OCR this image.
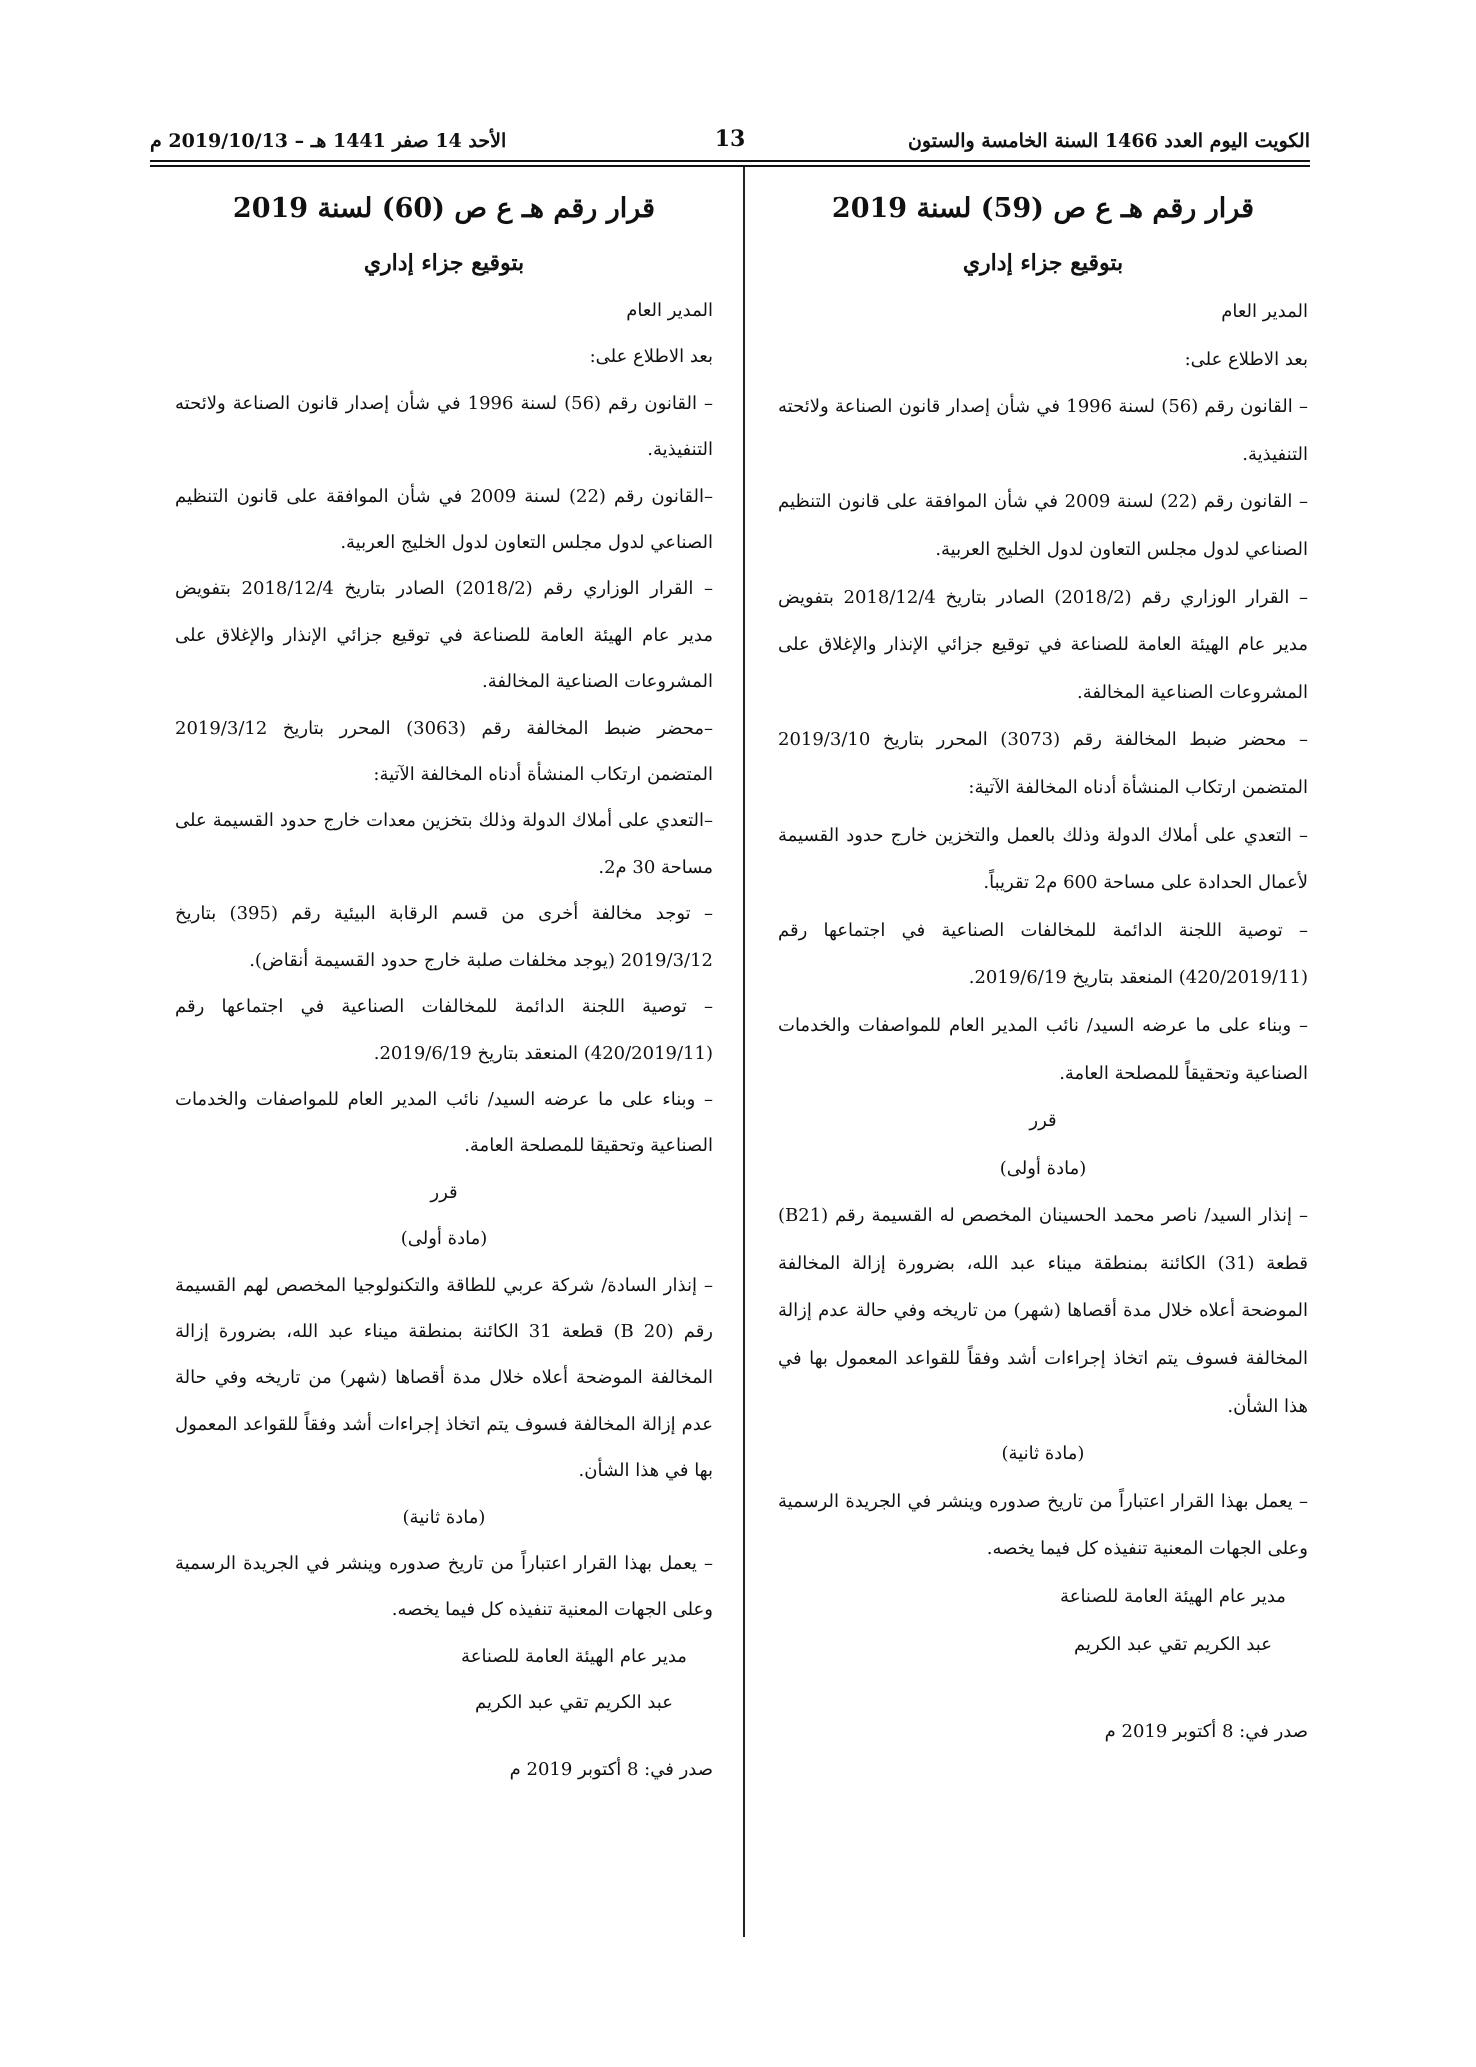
الكويت اليوم العدد 1466 السنة الخامسة والستون
13
الأحد 14 صفر 1441 هـ – 2019/10/13 م

قرار رقم هـ ع ص (59) لسنة 2019

بتوقيع جزاء إداري

المدير العام

بعد الاطلاع على:

– القانون رقم (56) لسنة 1996 في شأن إصدار قانون الصناعة ولائحته التنفيذية.

– القانون رقم (22) لسنة 2009 في شأن الموافقة على قانون التنظيم الصناعي لدول مجلس التعاون لدول الخليج العربية.

– القرار الوزاري رقم (2018/2) الصادر بتاريخ 2018/12/4 بتفويض مدير عام الهيئة العامة للصناعة في توقيع جزائي الإنذار والإغلاق على المشروعات الصناعية المخالفة.

– محضر ضبط المخالفة رقم (3073) المحرر بتاريخ 2019/3/10 المتضمن ارتكاب المنشأة أدناه المخالفة الآتية:

– التعدي على أملاك الدولة وذلك بالعمل والتخزين خارج حدود القسيمة لأعمال الحدادة على مساحة 600 م2 تقريباً.

– توصية اللجنة الدائمة للمخالفات الصناعية في اجتماعها رقم (420/2019/11) المنعقد بتاريخ 2019/6/19.

– وبناء على ما عرضه السيد/ نائب المدير العام للمواصفات والخدمات الصناعية وتحقيقاً للمصلحة العامة.

قرر

(مادة أولى)

– إنذار السيد/ ناصر محمد الحسينان المخصص له القسيمة رقم (B21) قطعة (31) الكائنة بمنطقة ميناء عبد الله، بضرورة إزالة المخالفة الموضحة أعلاه خلال مدة أقصاها (شهر) من تاريخه وفي حالة عدم إزالة المخالفة فسوف يتم اتخاذ إجراءات أشد وفقاً للقواعد المعمول بها في هذا الشأن.

(مادة ثانية)

– يعمل بهذا القرار اعتباراً من تاريخ صدوره وينشر في الجريدة الرسمية وعلى الجهات المعنية تنفيذه كل فيما يخصه.

مدير عام الهيئة العامة للصناعة

عبد الكريم تقي عبد الكريم

صدر في: 8 أكتوبر 2019 م

قرار رقم هـ ع ص (60) لسنة 2019

بتوقيع جزاء إداري

المدير العام

بعد الاطلاع على:

– القانون رقم (56) لسنة 1996 في شأن إصدار قانون الصناعة ولائحته التنفيذية.

–القانون رقم (22) لسنة 2009 في شأن الموافقة على قانون التنظيم الصناعي لدول مجلس التعاون لدول الخليج العربية.

– القرار الوزاري رقم (2018/2) الصادر بتاريخ 2018/12/4 بتفويض مدير عام الهيئة العامة للصناعة في توقيع جزائي الإنذار والإغلاق على المشروعات الصناعية المخالفة.

–محضر ضبط المخالفة رقم (3063) المحرر بتاريخ 2019/3/12 المتضمن ارتكاب المنشأة أدناه المخالفة الآتية:

–التعدي على أملاك الدولة وذلك بتخزين معدات خارج حدود القسيمة على مساحة 30 م2.

– توجد مخالفة أخرى من قسم الرقابة البيئية رقم (395) بتاريخ 2019/3/12 (يوجد مخلفات صلبة خارج حدود القسيمة أنقاض).

– توصية اللجنة الدائمة للمخالفات الصناعية في اجتماعها رقم (420/2019/11) المنعقد بتاريخ 2019/6/19.

– وبناء على ما عرضه السيد/ نائب المدير العام للمواصفات والخدمات الصناعية وتحقيقا للمصلحة العامة.

قرر

(مادة أولى)

– إنذار السادة/ شركة عربي للطاقة والتكنولوجيا المخصص لهم القسيمة رقم (20 B) قطعة 31 الكائنة بمنطقة ميناء عبد الله، بضرورة إزالة المخالفة الموضحة أعلاه خلال مدة أقصاها (شهر) من تاريخه وفي حالة عدم إزالة المخالفة فسوف يتم اتخاذ إجراءات أشد وفقاً للقواعد المعمول بها في هذا الشأن.

(مادة ثانية)

– يعمل بهذا القرار اعتباراً من تاريخ صدوره وينشر في الجريدة الرسمية وعلى الجهات المعنية تنفيذه كل فيما يخصه.

مدير عام الهيئة العامة للصناعة

عبد الكريم تقي عبد الكريم

صدر في: 8 أكتوبر 2019 م
